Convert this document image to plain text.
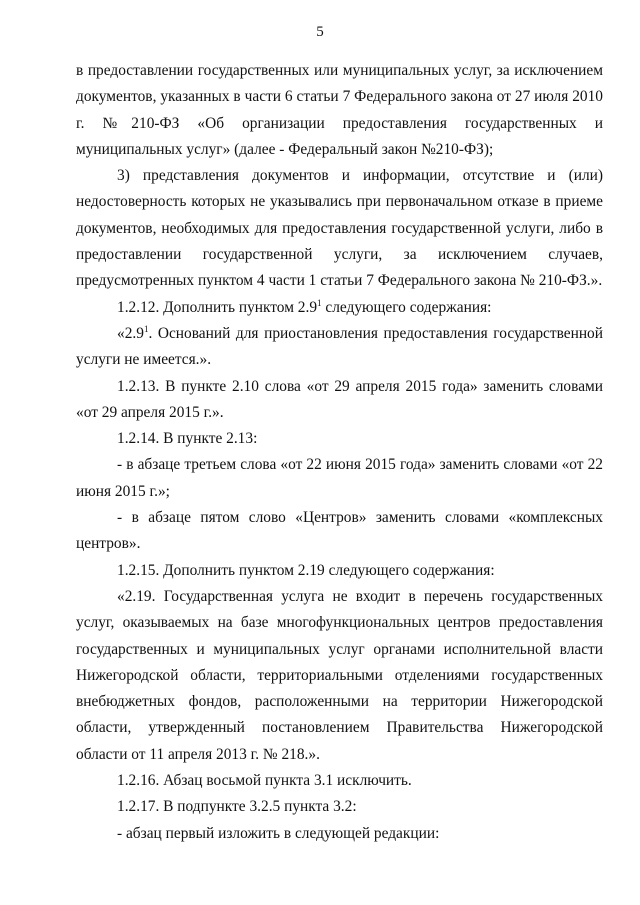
5

в предоставлении государственных или муниципальных услуг, за исключением документов, указанных в части 6 статьи 7 Федерального закона от 27 июля 2010 г. №210-ФЗ «Об организации предоставления государственных и муниципальных услуг» (далее - Федеральный закон №210-ФЗ);

3) представления документов и информации, отсутствие и (или) недостоверность которых не указывались при первоначальном отказе в приеме документов, необходимых для предоставления государственной услуги, либо в предоставлении государственной услуги, за исключением случаев, предусмотренных пунктом 4 части 1 статьи 7 Федерального закона № 210-ФЗ.».

1.2.12. Дополнить пунктом $2.9^1$ следующего содержания:

«$2.9^1$. Оснований для приостановления предоставления государственной услуги не имеется.».

1.2.13. В пункте 2.10 слова «от 29 апреля 2015 года» заменить словами «от 29 апреля 2015 г.».

1.2.14. В пункте 2.13:

- в абзаце третьем слова «от 22 июня 2015 года» заменить словами «от 22 июня 2015 г.»;

- в абзаце пятом слово «Центров» заменить словами «комплексных центров».

1.2.15. Дополнить пунктом 2.19 следующего содержания:

«2.19. Государственная услуга не входит в перечень государственных услуг, оказываемых на базе многофункциональных центров предоставления государственных и муниципальных услуг органами исполнительной власти Нижегородской области, территориальными отделениями государственных внебюджетных фондов, расположенными на территории Нижегородской области, утвержденный постановлением Правительства Нижегородской области от 11 апреля 2013 г. № 218.».

1.2.16. Абзац восьмой пункта 3.1 исключить.

1.2.17. В подпункте 3.2.5 пункта 3.2:

- абзац первый изложить в следующей редакции:
